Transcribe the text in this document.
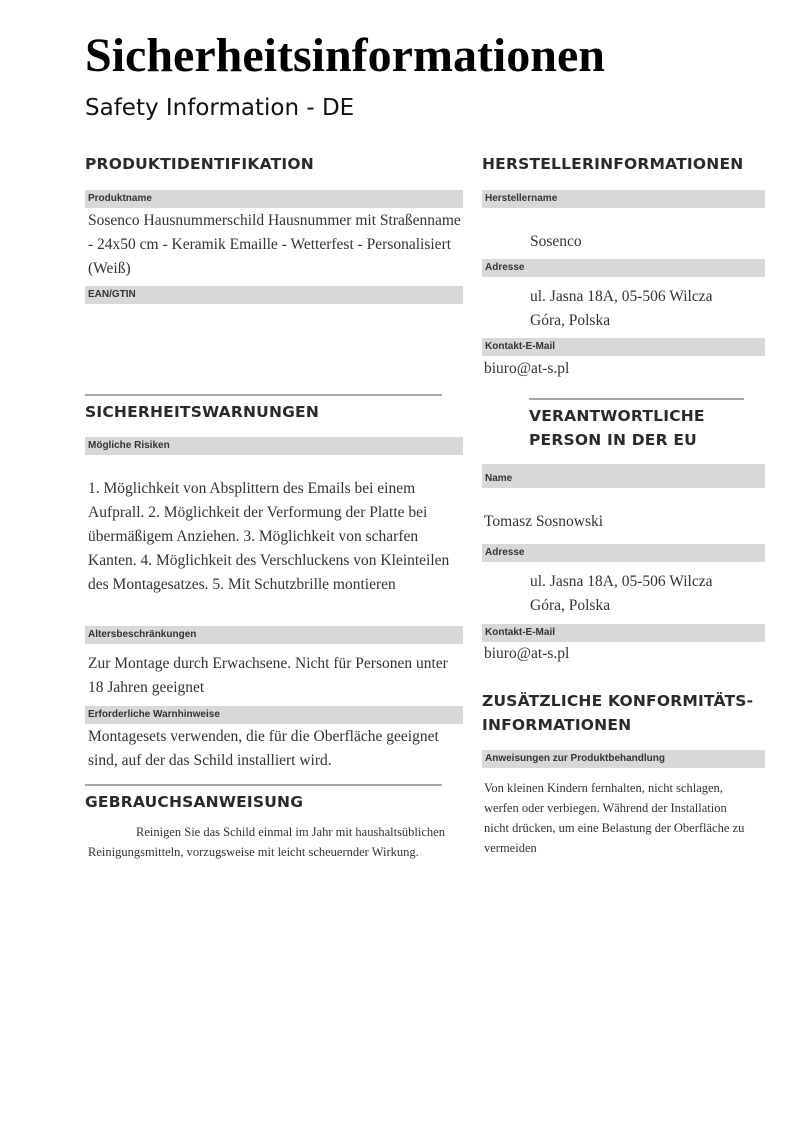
Sicherheitsinformationen
Safety Information - DE
PRODUKTIDENTIFIKATION
Produktname
Sosenco Hausnummerschild Hausnummer mit Straßenname - 24x50 cm - Keramik Emaille - Wetterfest - Personalisiert (Weiß)
EAN/GTIN
SICHERHEITSWARNUNGEN
Mögliche Risiken
1. Möglichkeit von Absplittern des Emails bei einem Aufprall. 2. Möglichkeit der Verformung der Platte bei übermäßigem Anziehen. 3. Möglichkeit von scharfen Kanten. 4. Möglichkeit des Verschluckens von Kleinteilen des Montagesatzes. 5. Mit Schutzbrille montieren
Altersbeschränkungen
Zur Montage durch Erwachsene. Nicht für Personen unter 18 Jahren geeignet
Erforderliche Warnhinweise
Montagesets verwenden, die für die Oberfläche geeignet sind, auf der das Schild installiert wird.
GEBRAUCHSANWEISUNG
Reinigen Sie das Schild einmal im Jahr mit haushaltsüblichen Reinigungsmitteln, vorzugsweise mit leicht scheuernder Wirkung.
HERSTELLERINFORMATIONEN
Herstellername
Sosenco
Adresse
ul. Jasna 18A, 05-506 Wilcza Góra, Polska
Kontakt-E-Mail
biuro@at-s.pl
VERANTWORTLICHE PERSON IN DER EU
Name
Tomasz Sosnowski
Adresse
ul. Jasna 18A, 05-506 Wilcza Góra, Polska
Kontakt-E-Mail
biuro@at-s.pl
ZUSÄTZLICHE KONFORMITÄTS-INFORMATIONEN
Anweisungen zur Produktbehandlung
Von kleinen Kindern fernhalten, nicht schlagen, werfen oder verbiegen. Während der Installation nicht drücken, um eine Belastung der Oberfläche zu vermeiden
